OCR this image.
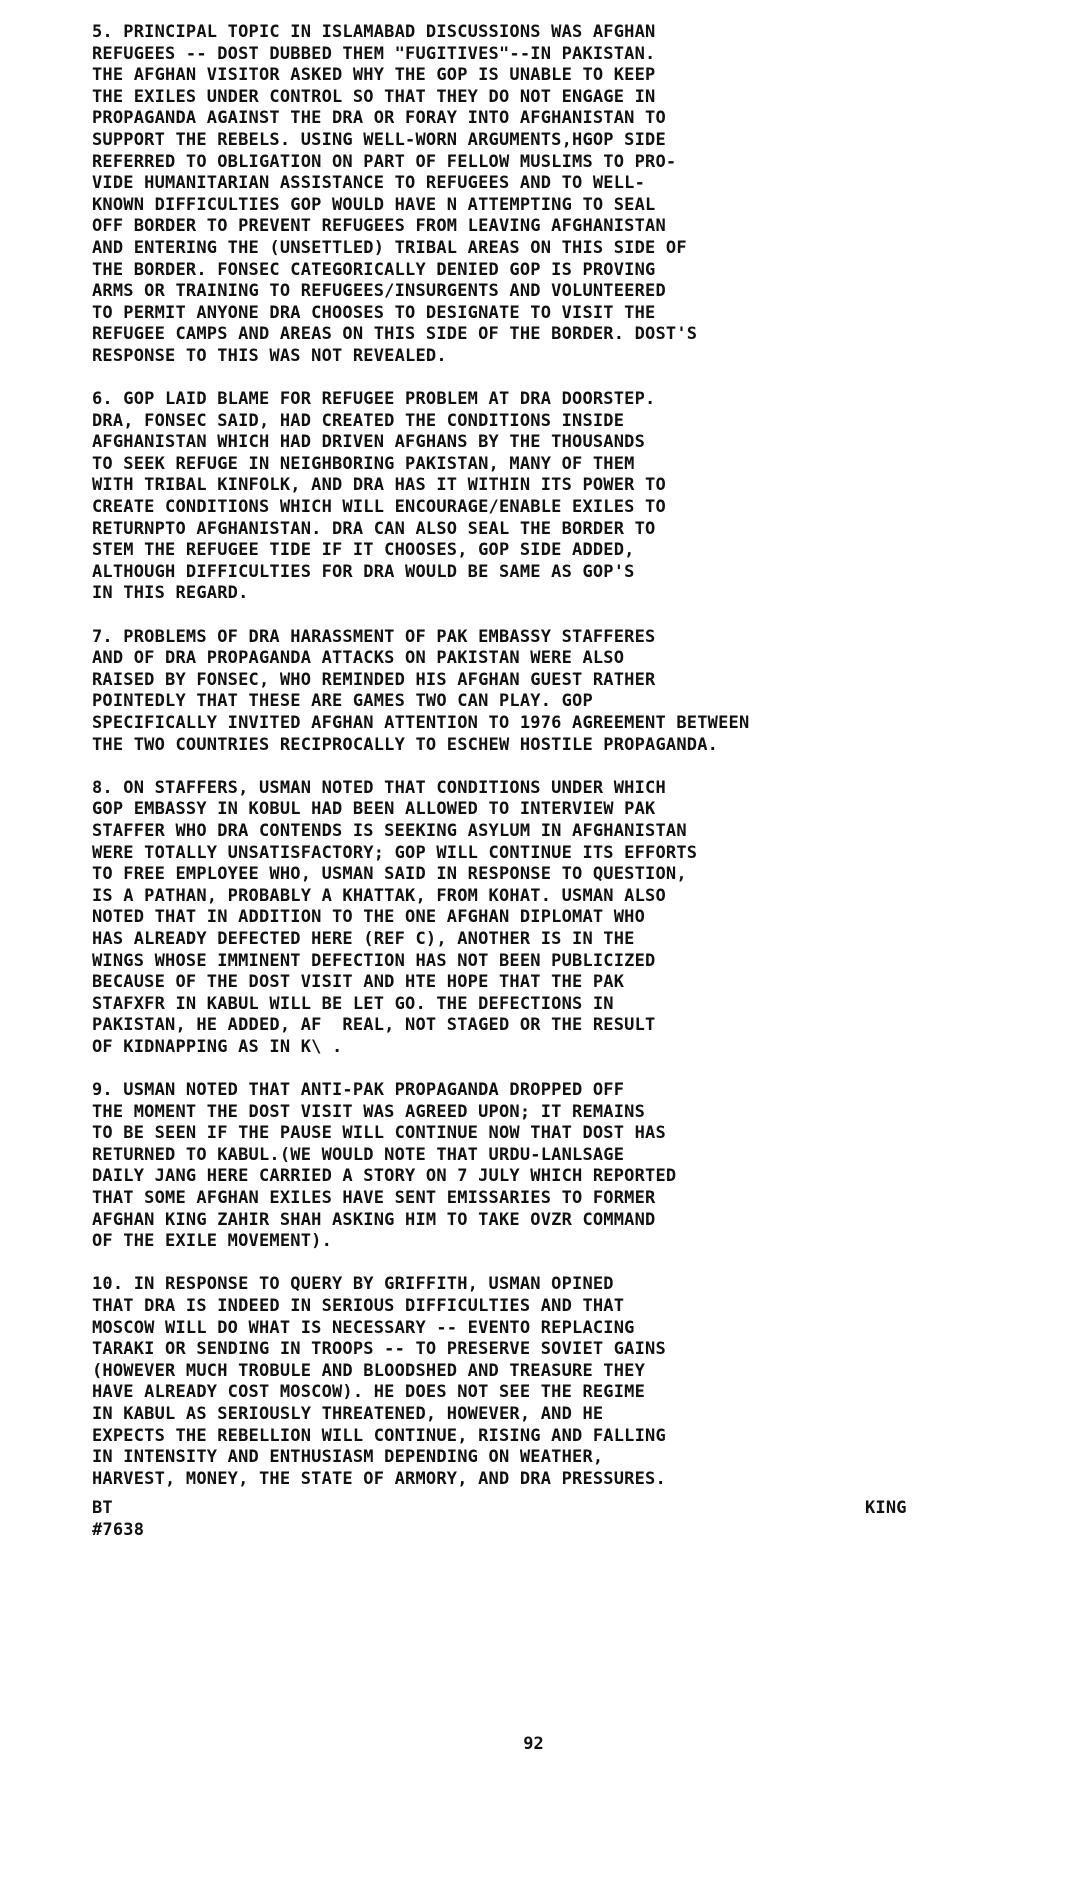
5. PRINCIPAL TOPIC IN ISLAMABAD DISCUSSIONS WAS AFGHAN
REFUGEES -- DOST DUBBED THEM "FUGITIVES"--IN PAKISTAN.
THE AFGHAN VISITOR ASKED WHY THE GOP IS UNABLE TO KEEP
THE EXILES UNDER CONTROL SO THAT THEY DO NOT ENGAGE IN
PROPAGANDA AGAINST THE DRA OR FORAY INTO AFGHANISTAN TO
SUPPORT THE REBELS. USING WELL-WORN ARGUMENTS,HGOP SIDE
REFERRED TO OBLIGATION ON PART OF FELLOW MUSLIMS TO PRO-
VIDE HUMANITARIAN ASSISTANCE TO REFUGEES AND TO WELL-
KNOWN DIFFICULTIES GOP WOULD HAVE N ATTEMPTING TO SEAL
OFF BORDER TO PREVENT REFUGEES FROM LEAVING AFGHANISTAN
AND ENTERING THE (UNSETTLED) TRIBAL AREAS ON THIS SIDE OF
THE BORDER. FONSEC CATEGORICALLY DENIED GOP IS PROVING
ARMS OR TRAINING TO REFUGEES/INSURGENTS AND VOLUNTEERED
TO PERMIT ANYONE DRA CHOOSES TO DESIGNATE TO VISIT THE
REFUGEE CAMPS AND AREAS ON THIS SIDE OF THE BORDER. DOST'S
RESPONSE TO THIS WAS NOT REVEALED.
6. GOP LAID BLAME FOR REFUGEE PROBLEM AT DRA DOORSTEP.
DRA, FONSEC SAID, HAD CREATED THE CONDITIONS INSIDE
AFGHANISTAN WHICH HAD DRIVEN AFGHANS BY THE THOUSANDS
TO SEEK REFUGE IN NEIGHBORING PAKISTAN, MANY OF THEM
WITH TRIBAL KINFOLK, AND DRA HAS IT WITHIN ITS POWER TO
CREATE CONDITIONS WHICH WILL ENCOURAGE/ENABLE EXILES TO
RETURNPTO AFGHANISTAN. DRA CAN ALSO SEAL THE BORDER TO
STEM THE REFUGEE TIDE IF IT CHOOSES, GOP SIDE ADDED,
ALTHOUGH DIFFICULTIES FOR DRA WOULD BE SAME AS GOP'S
IN THIS REGARD.
7. PROBLEMS OF DRA HARASSMENT OF PAK EMBASSY STAFFERES
AND OF DRA PROPAGANDA ATTACKS ON PAKISTAN WERE ALSO
RAISED BY FONSEC, WHO REMINDED HIS AFGHAN GUEST RATHER
POINTEDLY THAT THESE ARE GAMES TWO CAN PLAY. GOP
SPECIFICALLY INVITED AFGHAN ATTENTION TO 1976 AGREEMENT BETWEEN
THE TWO COUNTRIES RECIPROCALLY TO ESCHEW HOSTILE PROPAGANDA.
8. ON STAFFERS, USMAN NOTED THAT CONDITIONS UNDER WHICH
GOP EMBASSY IN KOBUL HAD BEEN ALLOWED TO INTERVIEW PAK
STAFFER WHO DRA CONTENDS IS SEEKING ASYLUM IN AFGHANISTAN
WERE TOTALLY UNSATISFACTORY; GOP WILL CONTINUE ITS EFFORTS
TO FREE EMPLOYEE WHO, USMAN SAID IN RESPONSE TO QUESTION,
IS A PATHAN, PROBABLY A KHATTAK, FROM KOHAT. USMAN ALSO
NOTED THAT IN ADDITION TO THE ONE AFGHAN DIPLOMAT WHO
HAS ALREADY DEFECTED HERE (REF C), ANOTHER IS IN THE
WINGS WHOSE IMMINENT DEFECTION HAS NOT BEEN PUBLICIZED
BECAUSE OF THE DOST VISIT AND HTE HOPE THAT THE PAK
STAFXFR IN KABUL WILL BE LET GO. THE DEFECTIONS IN
PAKISTAN, HE ADDED, AF  REAL, NOT STAGED OR THE RESULT
OF KIDNAPPING AS IN K\ .
9. USMAN NOTED THAT ANTI-PAK PROPAGANDA DROPPED OFF
THE MOMENT THE DOST VISIT WAS AGREED UPON; IT REMAINS
TO BE SEEN IF THE PAUSE WILL CONTINUE NOW THAT DOST HAS
RETURNED TO KABUL.(WE WOULD NOTE THAT URDU-LANLSAGE
DAILY JANG HERE CARRIED A STORY ON 7 JULY WHICH REPORTED
THAT SOME AFGHAN EXILES HAVE SENT EMISSARIES TO FORMER
AFGHAN KING ZAHIR SHAH ASKING HIM TO TAKE OVZR COMMAND
OF THE EXILE MOVEMENT).
10. IN RESPONSE TO QUERY BY GRIFFITH, USMAN OPINED
THAT DRA IS INDEED IN SERIOUS DIFFICULTIES AND THAT
MOSCOW WILL DO WHAT IS NECESSARY -- EVENTO REPLACING
TARAKI OR SENDING IN TROOPS -- TO PRESERVE SOVIET GAINS
(HOWEVER MUCH TROBULE AND BLOODSHED AND TREASURE THEY
HAVE ALREADY COST MOSCOW). HE DOES NOT SEE THE REGIME
IN KABUL AS SERIOUSLY THREATENED, HOWEVER, AND HE
EXPECTS THE REBELLION WILL CONTINUE, RISING AND FALLING
IN INTENSITY AND ENTHUSIASM DEPENDING ON WEATHER,
HARVEST, MONEY, THE STATE OF ARMORY, AND DRA PRESSURES.
BT	KING
#7638
92
